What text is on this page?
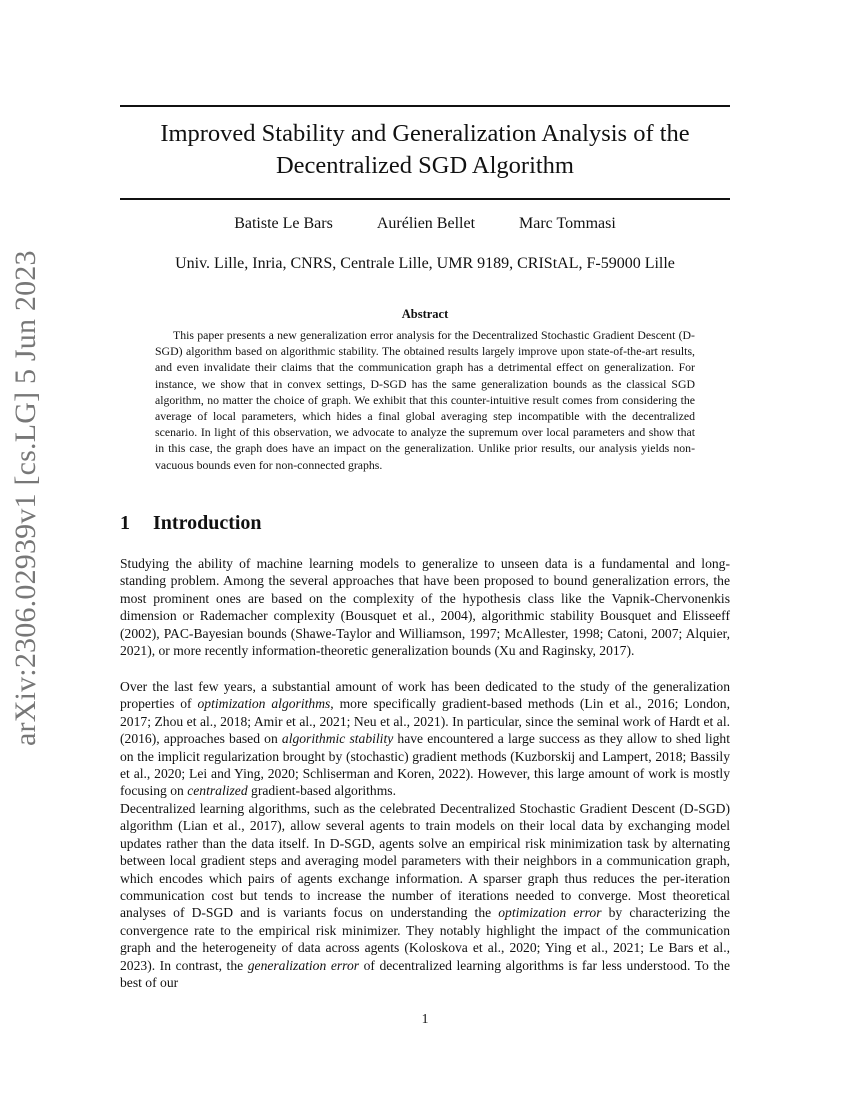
arXiv:2306.02939v1 [cs.LG] 5 Jun 2023
Improved Stability and Generalization Analysis of the
Decentralized SGD Algorithm
Batiste Le Bars	Aurélien Bellet	Marc Tommasi
Univ. Lille, Inria, CNRS, Centrale Lille, UMR 9189, CRIStAL, F-59000 Lille
Abstract

This paper presents a new generalization error analysis for the Decentralized Stochastic Gradient Descent (D-SGD) algorithm based on algorithmic stability. The obtained results largely improve upon state-of-the-art results, and even invalidate their claims that the communication graph has a detrimental effect on generalization. For instance, we show that in convex settings, D-SGD has the same generalization bounds as the classical SGD algorithm, no matter the choice of graph. We exhibit that this counter-intuitive result comes from considering the average of local parameters, which hides a final global averaging step incompatible with the decentralized scenario. In light of this observation, we advocate to analyze the supremum over local parameters and show that in this case, the graph does have an impact on the generalization. Unlike prior results, our analysis yields non-vacuous bounds even for non-connected graphs.

1 Introduction

Studying the ability of machine learning models to generalize to unseen data is a fundamental and long-standing problem. Among the several approaches that have been proposed to bound generalization errors, the most prominent ones are based on the complexity of the hypothesis class like the Vapnik-Chervonenkis dimension or Rademacher complexity (Bousquet et al., 2004), algorithmic stability Bousquet and Elisseeff (2002), PAC-Bayesian bounds (Shawe-Taylor and Williamson, 1997; McAllester, 1998; Catoni, 2007; Alquier, 2021), or more recently information-theoretic generalization bounds (Xu and Raginsky, 2017).

Over the last few years, a substantial amount of work has been dedicated to the study of the generalization properties of optimization algorithms, more specifically gradient-based methods (Lin et al., 2016; London, 2017; Zhou et al., 2018; Amir et al., 2021; Neu et al., 2021). In particular, since the seminal work of Hardt et al. (2016), approaches based on algorithmic stability have encountered a large success as they allow to shed light on the implicit regularization brought by (stochastic) gradient methods (Kuzborskij and Lampert, 2018; Bassily et al., 2020; Lei and Ying, 2020; Schliserman and Koren, 2022). However, this large amount of work is mostly focusing on centralized gradient-based algorithms.

Decentralized learning algorithms, such as the celebrated Decentralized Stochastic Gradient Descent (D-SGD) algorithm (Lian et al., 2017), allow several agents to train models on their local data by exchanging model updates rather than the data itself. In D-SGD, agents solve an empirical risk minimization task by alternating between local gradient steps and averaging model parameters with their neighbors in a communication graph, which encodes which pairs of agents exchange information. A sparser graph thus reduces the per-iteration communication cost but tends to increase the number of iterations needed to converge. Most theoretical analyses of D-SGD and is variants focus on understanding the optimization error by characterizing the convergence rate to the empirical risk minimizer. They notably highlight the impact of the communication graph and the heterogeneity of data across agents (Koloskova et al., 2020; Ying et al., 2021; Le Bars et al., 2023). In contrast, the generalization error of decentralized learning algorithms is far less understood. To the best of our

1
